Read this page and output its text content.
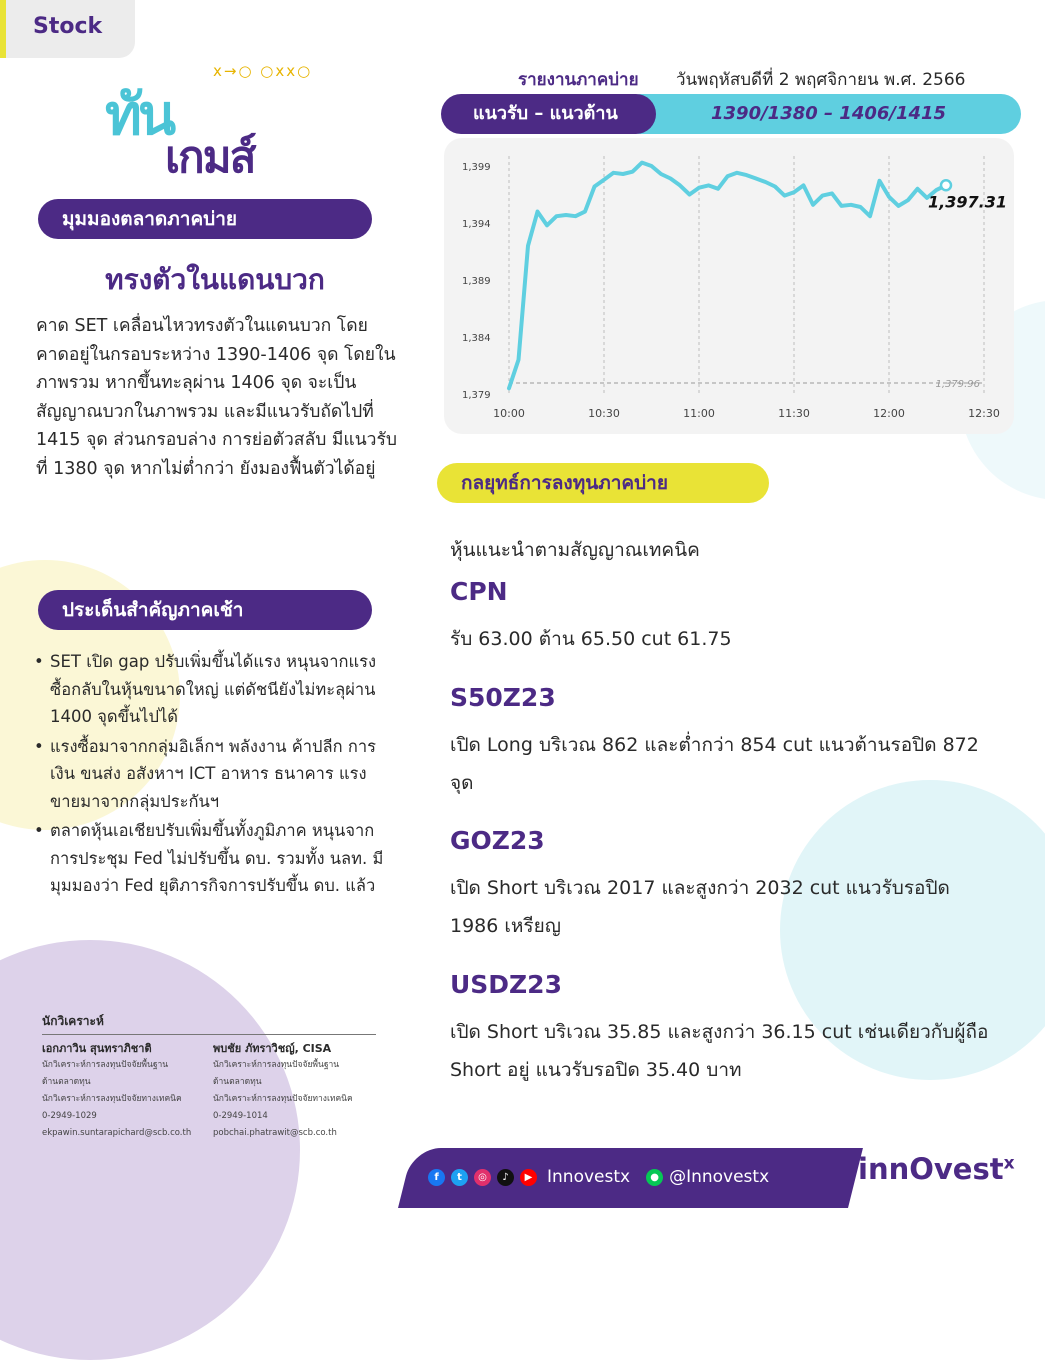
Stock
x→○ ○xx○
ทัน
เกมส์
มุมมองตลาดภาคบ่าย
ทรงตัวในแดนบวก
คาด SET เคลื่อนไหวทรงตัวในแดนบวก โดยคาดอยู่ในกรอบระหว่าง 1390-1406 จุด โดยในภาพรวม หากขึ้นทะลุผ่าน 1406 จุด จะเป็นสัญญาณบวกในภาพรวม และมีแนวรับถัดไปที่ 1415 จุด ส่วนกรอบล่าง การย่อตัวสลับ มีแนวรับที่ 1380 จุด หากไม่ต่ำกว่า ยังมองฟื้นตัวได้อยู่
ประเด็นสำคัญภาคเช้า
• SET เปิด gap ปรับเพิ่มขึ้นได้แรง หนุนจากแรงซื้อกลับในหุ้นขนาดใหญ่ แต่ดัชนียังไม่ทะลุผ่าน 1400 จุดขึ้นไปได้
• แรงซื้อมาจากกลุ่มอิเล็กฯ พลังงาน ค้าปลีก การเงิน ขนส่ง อสังหาฯ ICT อาหาร ธนาคาร แรงขายมาจากกลุ่มประกันฯ
• ตลาดหุ้นเอเชียปรับเพิ่มขึ้นทั้งภูมิภาค หนุนจากการประชุม Fed ไม่ปรับขึ้น ดบ. รวมทั้ง นลท. มีมุมมองว่า Fed ยุติภารกิจการปรับขึ้น ดบ. แล้ว
รายงานภาคบ่าย วันพฤหัสบดีที่ 2 พฤศจิกายน พ.ศ. 2566
1390/1380 – 1406/1415
แนวรับ – แนวต้าน
10:00	10:30	11:00	11:30	12:00	12:30
1,399
1,394
1,389
1,384
1,379
1,379.96
1,397.31
กลยุทธ์การลงทุนภาคบ่าย
หุ้นแนะนำตามสัญญาณเทคนิค
CPN
รับ 63.00 ต้าน 65.50 cut 61.75
S50Z23
เปิด Long บริเวณ 862 และต่ำกว่า 854 cut แนวต้านรอปิด 872 จุด
GOZ23
เปิด Short บริเวณ 2017 และสูงกว่า 2032 cut แนวรับรอปิด 1986 เหรียญ
USDZ23
เปิด Short บริเวณ 35.85 และสูงกว่า 36.15 cut เช่นเดียวกับผู้ถือ Short อยู่ แนวรับรอปิด 35.40 บาท
นักวิเคราะห์
เอกภาวิน สุนทราภิชาติ
นักวิเคราะห์การลงทุนปัจจัยพื้นฐาน
ด้านตลาดทุน
นักวิเคราะห์การลงทุนปัจจัยทางเทคนิค
0-2949-1029
ekpawin.suntarapichard@scb.co.th
พบชัย ภัทราวิชญ์, CISA
นักวิเคราะห์การลงทุนปัจจัยพื้นฐาน
ด้านตลาดทุน
นักวิเคราะห์การลงทุนปัจจัยทางเทคนิค
0-2949-1014
pobchai.phatrawit@scb.co.th
f	t	◎	♪	▶ Innovestx	● @Innovestx	innOvest$^x$
